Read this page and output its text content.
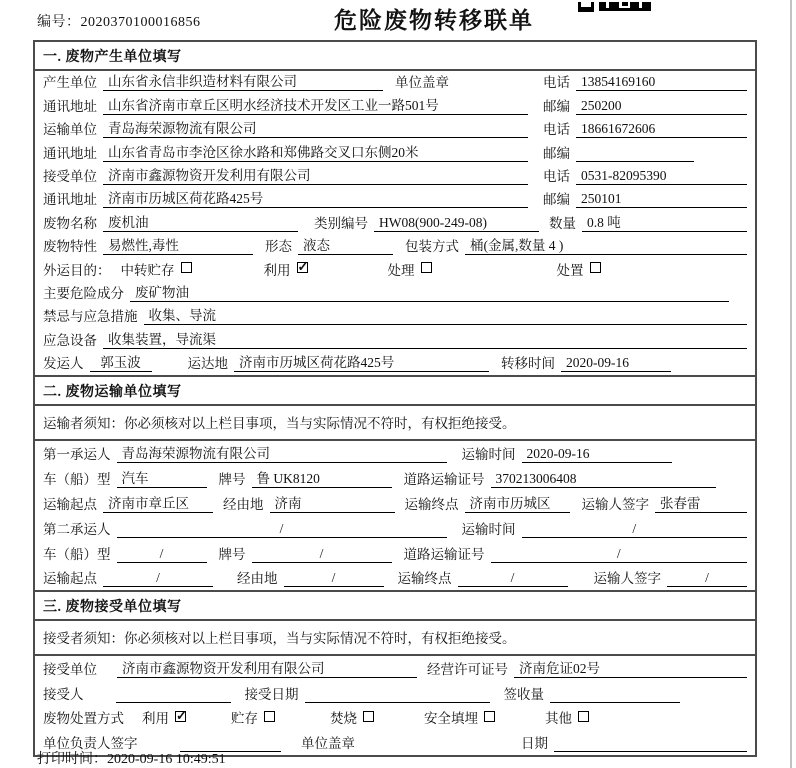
编号：2020370100016856	危险废物转移联单
一. 废物产生单位填写
产生单位 山东省永信非织造材料有限公司	单位盖章	电话 13854169160
通讯地址 山东省济南市章丘区明水经济技术开发区工业一路501号	邮编 250200
运输单位 青岛海荣源物流有限公司	电话 18661672606
通讯地址 山东省青岛市李沧区徐水路和郑佛路交叉口东侧20米	邮编
接受单位 济南市鑫源物资开发利用有限公司	电话 0531-82095390
通讯地址 济南市历城区荷花路425号	邮编 250101
废物名称 废机油	类别编号 HW08(900-249-08)	数量 0.8 吨
废物特性 易燃性,毒性	形态 液态	包装方式 桶(金属,数量 4 )
外运目的： 中转贮存	利用 ✓	处理	处置
主要危险成分 废矿物油
禁忌与应急措施 收集、导流
应急设备 收集装置，导流渠
发运人	郭玉波	运达地 济南市历城区荷花路425号	转移时间 2020-09-16
二. 废物运输单位填写
运输者须知：你必须核对以上栏目事项，当与实际情况不符时，有权拒绝接受。
第一承运人 青岛海荣源物流有限公司	运输时间 2020-09-16
车（船）型 汽车	牌号 鲁 UK8120	道路运输证号 370213006408
运输起点 济南市章丘区	经由地 济南	运输终点 济南市历城区	运输人签字 张春雷
第二承运人	/	运输时间	/
车（船）型	/	牌号	/	道路运输证号	/
运输起点	/	经由地	/	运输终点	/	运输人签字	/
三. 废物接受单位填写
接受者须知：你必须核对以上栏目事项，当与实际情况不符时，有权拒绝接受。
接受单位	济南市鑫源物资开发利用有限公司	经营许可证号 济南危证02号
接受人	接受日期	签收量
废物处置方式 利用 ✓	贮存	焚烧	安全填埋	其他
单位负责人签字	单位盖章	日期
打印时间：2020-09-16 10:49:51
